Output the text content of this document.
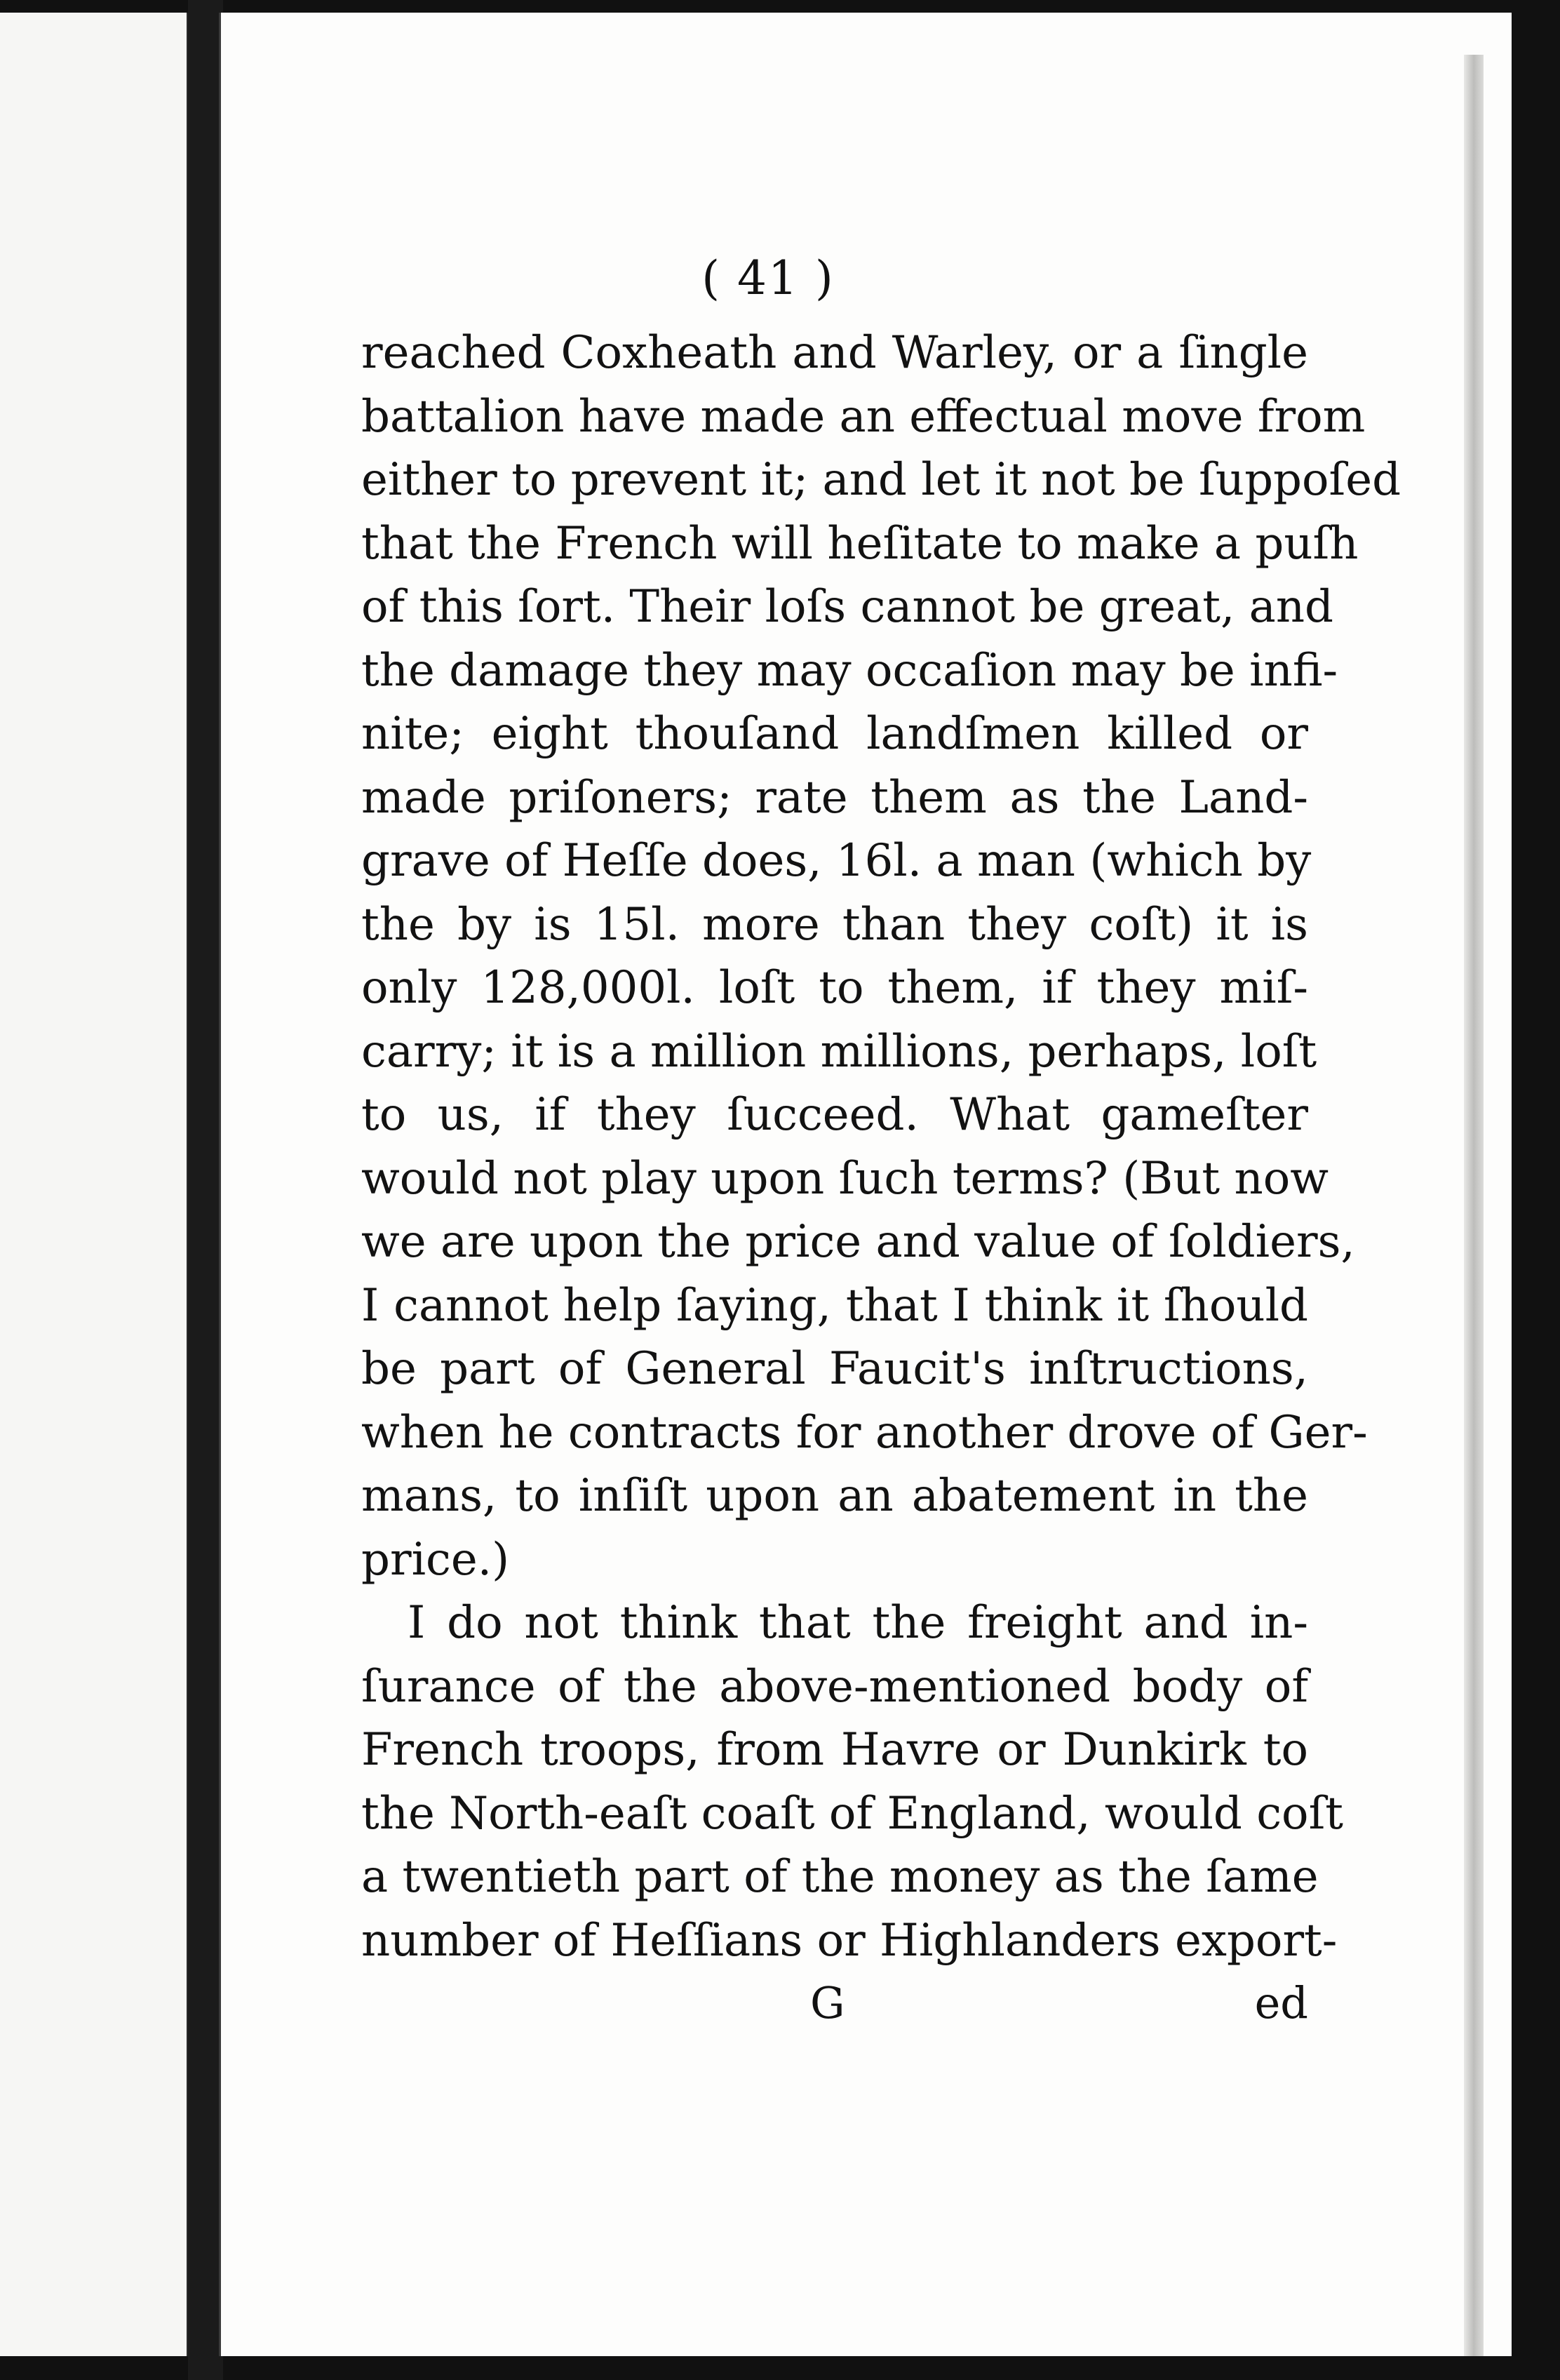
( 41 )
reached Coxheath and Warley, or a ſingle
battalion have made an effectual move from
either to prevent it; and let it not be ſuppoſed
that the French will heſitate to make a puſh
of this ſort. Their loſs cannot be great, and
the damage they may occaſion may be infi-
nite; eight thouſand landſmen killed or
made priſoners; rate them as the Land-
grave of Heſſe does, 16l. a man (which by
the by is 15l. more than they coſt) it is
only 128,000l. loſt to them, if they miſ-
carry; it is a million millions, perhaps, loſt
to us, if they ſucceed. What gameſter
would not play upon ſuch terms? (But now
we are upon the price and value of ſoldiers,
I cannot help ſaying, that I think it ſhould
be part of General Faucit's inſtructions,
when he contracts for another drove of Ger-
mans, to inſiſt upon an abatement in the
price.)
I do not think that the freight and in-
ſurance of the above-mentioned body of
French troops, from Havre or Dunkirk to
the North-eaſt coaſt of England, would coſt
a twentieth part of the money as the ſame
number of Heſſians or Highlanders export-
G	ed
